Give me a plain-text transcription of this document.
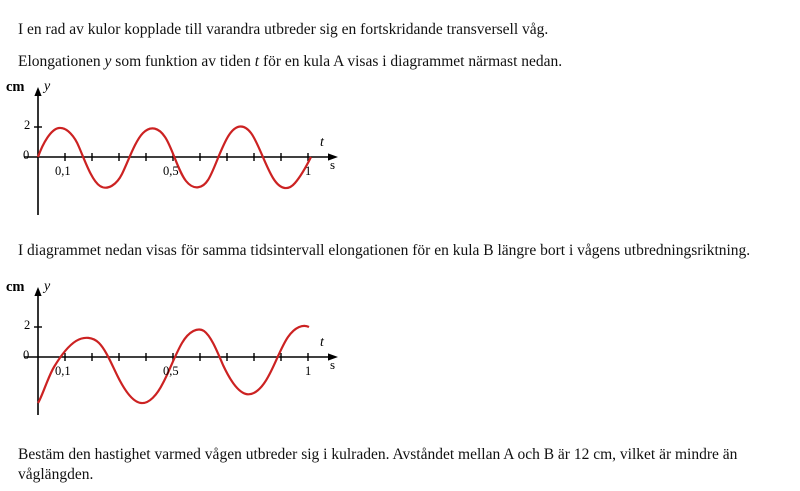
I en rad av kulor kopplade till varandra utbreder sig en fortskridande transversell våg.
Elongationen y som funktion av tiden t för en kula A visas i diagrammet närmast nedan.
cm y
t
s
0
2
0,1	0,5	1
I diagrammet nedan visas för samma tidsintervall elongationen för en kula B längre bort i vågens utbredningsriktning.
cm y
t
s
0
2
0,1	0,5	1
Bestäm den hastighet varmed vågen utbreder sig i kulraden. Avståndet mellan A och B är 12 cm, vilket är mindre än våglängden.
